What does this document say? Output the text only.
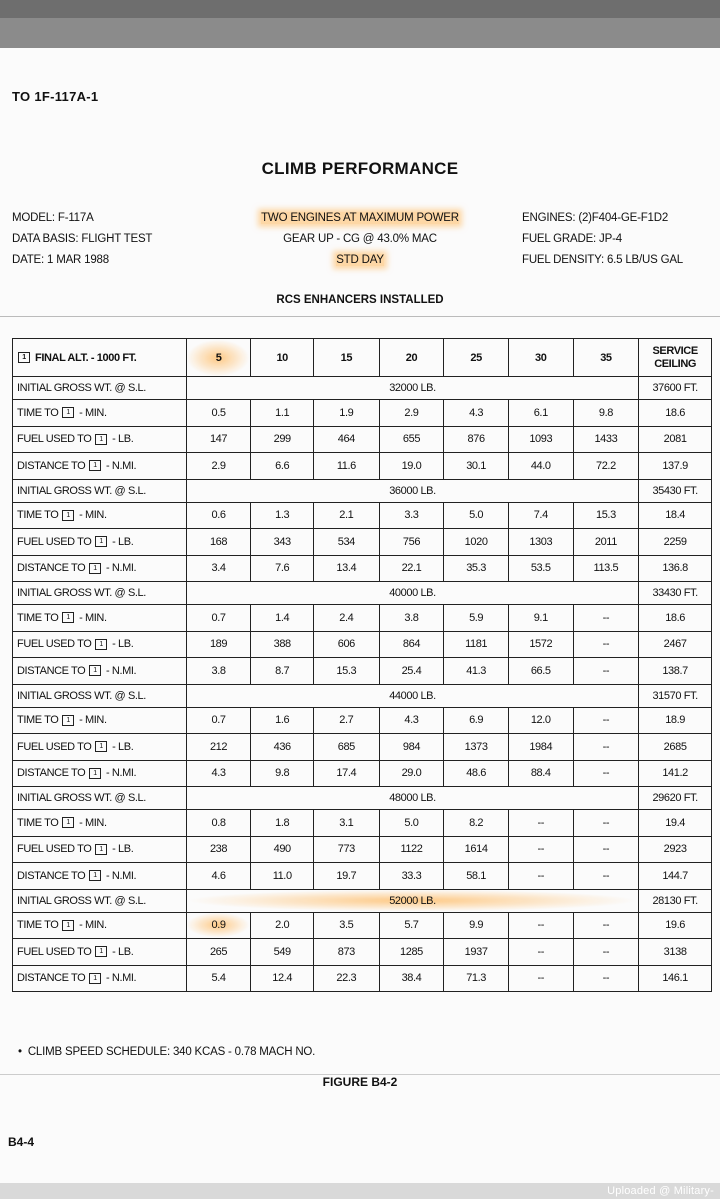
TO 1F-117A-1
CLIMB PERFORMANCE
MODEL: F-117A
DATA BASIS: FLIGHT TEST
DATE: 1 MAR 1988
TWO ENGINES AT MAXIMUM POWER
GEAR UP - CG @ 43.0% MAC
STD DAY
ENGINES: (2)F404-GE-F1D2
FUEL GRADE: JP-4
FUEL DENSITY: 6.5 LB/US GAL
RCS ENHANCERS INSTALLED
1 FINAL ALT. - 1000 FT.	5	10	15	20	25	30	35	SERVICE
CEILING
INITIAL GROSS WT. @ S.L.	32000 LB.							37600 FT.
TIME TO 1 - MIN.	0.5	1.1	1.9	2.9	4.3	6.1	9.8	18.6
FUEL USED TO 1 - LB.	147	299	464	655	876	1093	1433	2081
DISTANCE TO 1 - N.MI.	2.9	6.6	11.6	19.0	30.1	44.0	72.2	137.9
INITIAL GROSS WT. @ S.L.	36000 LB.							35430 FT.
TIME TO 1 - MIN.	0.6	1.3	2.1	3.3	5.0	7.4	15.3	18.4
FUEL USED TO 1 - LB.	168	343	534	756	1020	1303	2011	2259
DISTANCE TO 1 - N.MI.	3.4	7.6	13.4	22.1	35.3	53.5	113.5	136.8
INITIAL GROSS WT. @ S.L.	40000 LB.							33430 FT.
TIME TO 1 - MIN.	0.7	1.4	2.4	3.8	5.9	9.1	--	18.6
FUEL USED TO 1 - LB.	189	388	606	864	1181	1572	--	2467
DISTANCE TO 1 - N.MI.	3.8	8.7	15.3	25.4	41.3	66.5	--	138.7
INITIAL GROSS WT. @ S.L.	44000 LB.							31570 FT.
TIME TO 1 - MIN.	0.7	1.6	2.7	4.3	6.9	12.0	--	18.9
FUEL USED TO 1 - LB.	212	436	685	984	1373	1984	--	2685
DISTANCE TO 1 - N.MI.	4.3	9.8	17.4	29.0	48.6	88.4	--	141.2
INITIAL GROSS WT. @ S.L.	48000 LB.							29620 FT.
TIME TO 1 - MIN.	0.8	1.8	3.1	5.0	8.2	--	--	19.4
FUEL USED TO 1 - LB.	238	490	773	1122	1614	--	--	2923
DISTANCE TO 1 - N.MI.	4.6	11.0	19.7	33.3	58.1	--	--	144.7
INITIAL GROSS WT. @ S.L.	52000 LB.							28130 FT.
TIME TO 1 - MIN.	0.9	2.0	3.5	5.7	9.9	--	--	19.6
FUEL USED TO 1 - LB.	265	549	873	1285	1937	--	--	3138
DISTANCE TO 1 - N.MI.	5.4	12.4	22.3	38.4	71.3	--	--	146.1
•  CLIMB SPEED SCHEDULE: 340 KCAS - 0.78 MACH NO.
FIGURE B4-2
B4-4
Uploaded @ Military-
